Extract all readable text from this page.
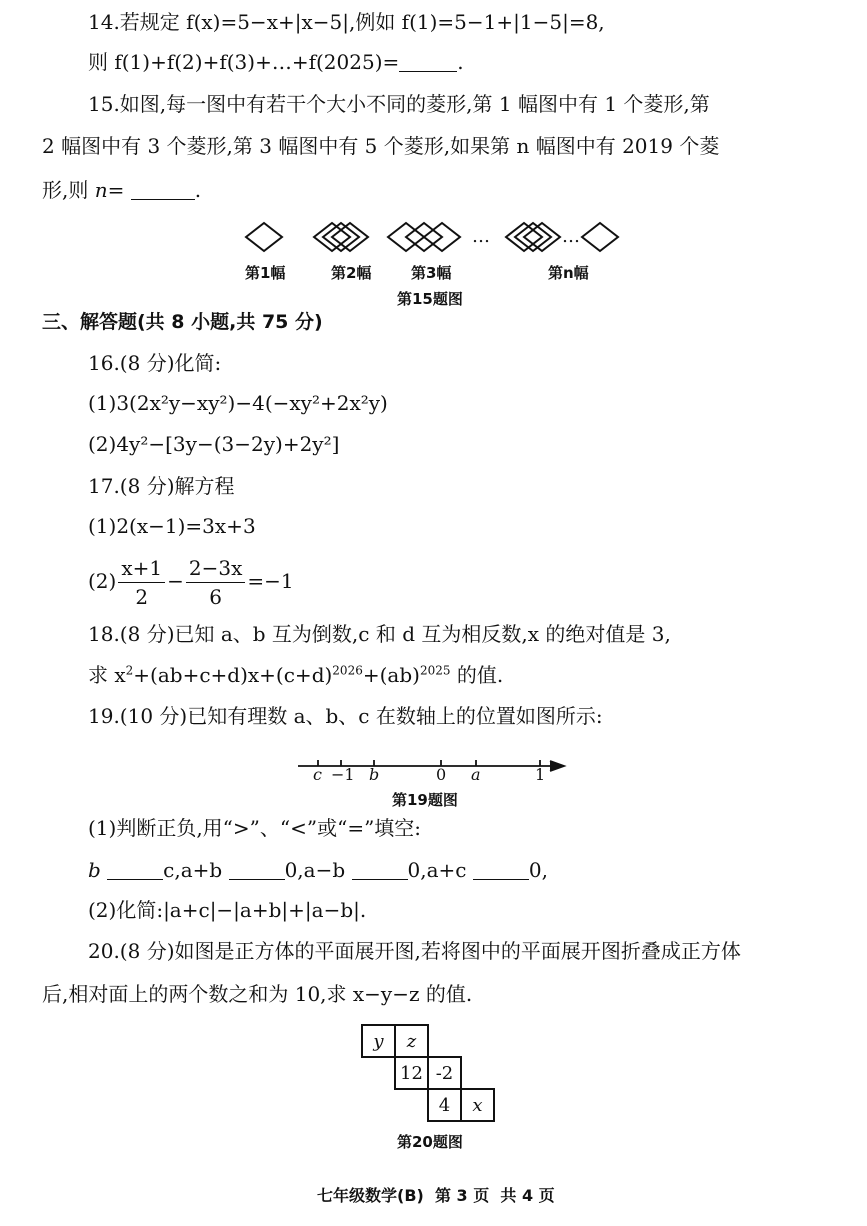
14.若规定 f(x)=5−x+|x−5|,例如 f(1)=5−1+|1−5|=8,
则 f(1)+f(2)+f(3)+…+f(2025)=	.
15.如图,每一图中有若干个大小不同的菱形,第 1 幅图中有 1 个菱形,第
2 幅图中有 3 个菱形,第 3 幅图中有 5 个菱形,如果第 n 幅图中有 2019 个菱
形,则 n=	.
…	…
第1幅	第2幅	第3幅	第n幅
第15题图
三、解答题(共 8 小题,共 75 分)
16.(8 分)化简:
(1)3(2x²y−xy²)−4(−xy²+2x²y)
(2)4y²−[3y−(3−2y)+2y²]
17.(8 分)解方程
(1)2(x−1)=3x+3
$(2) \frac{x+1}{2} - \frac{2-3x}{6} =-1$
18.(8 分)已知 a、b 互为倒数,c 和 d 互为相反数,x 的绝对值是 3,
求 $x^2+(ab+c+d)x+(c+d)^{2026}+(ab)^{2025}$ 的值.
19.(10 分)已知有理数 a、b、c 在数轴上的位置如图所示:
c −1 b	0 a	1
第19题图
(1)判断正负,用“>”、“<”或“=”填空:
b	c,a+b	0,a−b	0,a+c	0,
(2)化简:|a+c|−|a+b|+|a−b|.
20.(8 分)如图是正方体的平面展开图,若将图中的平面展开图折叠成正方体
后,相对面上的两个数之和为 10,求 x−y−z 的值.
y	z
12 -2
4	x
第20题图
七年级数学(B)  第 3 页  共 4 页
